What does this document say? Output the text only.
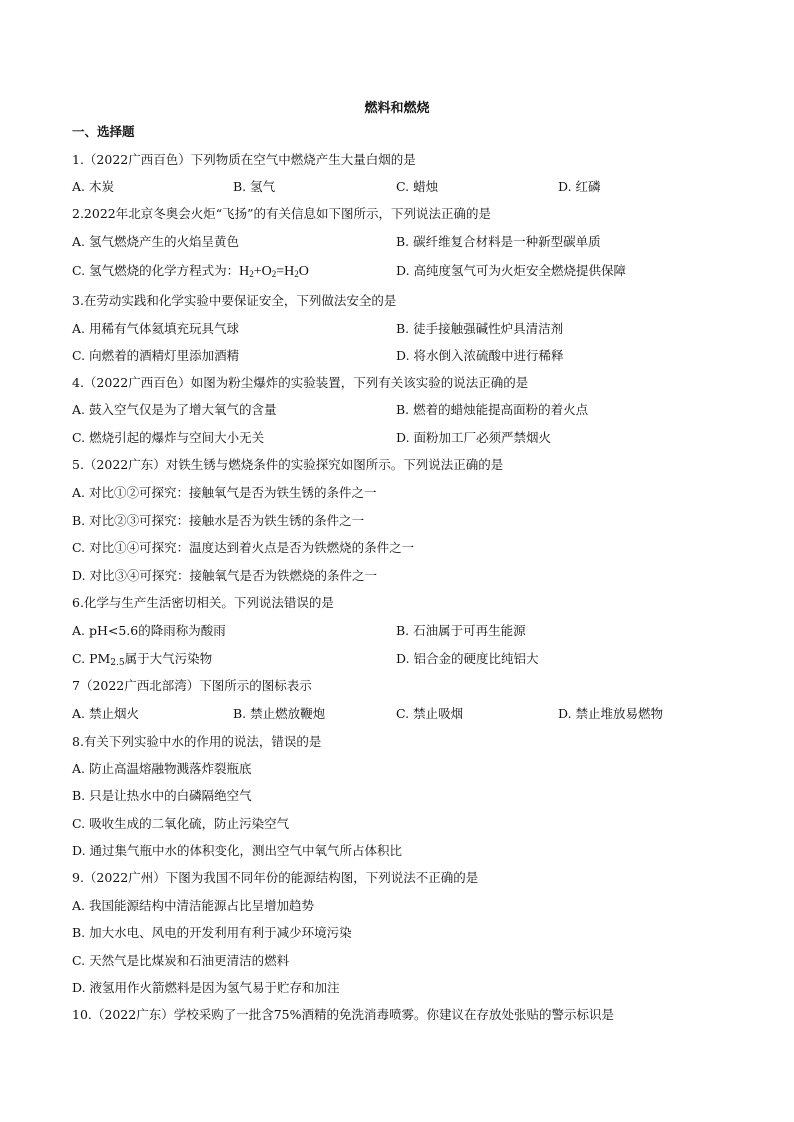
燃料和燃烧
一、选择题
1.（2022广西百色）下列物质在空气中燃烧产生大量白烟的是
A. 木炭	B. 氢气	C. 蜡烛	D. 红磷
2.2022年北京冬奥会火炬“飞扬”的有关信息如下图所示，下列说法正确的是
A. 氢气燃烧产生的火焰呈黄色	B. 碳纤维复合材料是一种新型碳单质
C. 氢气燃烧的化学方程式为：$H_2+O_2=H_2O$	D. 高纯度氢气可为火炬安全燃烧提供保障
3.在劳动实践和化学实验中要保证安全，下列做法安全的是
A. 用稀有气体氦填充玩具气球	B. 徒手接触强碱性炉具清洁剂
C. 向燃着的酒精灯里添加酒精	D. 将水倒入浓硫酸中进行稀释
4.（2022广西百色）如图为粉尘爆炸的实验装置，下列有关该实验的说法正确的是
A. 鼓入空气仅是为了增大氧气的含量	B. 燃着的蜡烛能提高面粉的着火点
C. 燃烧引起的爆炸与空间大小无关	D. 面粉加工厂必须严禁烟火
5.（2022广东）对铁生锈与燃烧条件的实验探究如图所示。下列说法正确的是
A. 对比①②可探究：接触氧气是否为铁生锈的条件之一
B. 对比②③可探究：接触水是否为铁生锈的条件之一
C. 对比①④可探究：温度达到着火点是否为铁燃烧的条件之一
D. 对比③④可探究：接触氧气是否为铁燃烧的条件之一
6.化学与生产生活密切相关。下列说法错误的是
A. pH<5.6的降雨称为酸雨	B. 石油属于可再生能源
C. $PM_{2.5}$属于大气污染物	D. 铝合金的硬度比纯铝大
7（2022广西北部湾）下图所示的图标表示
A. 禁止烟火	B. 禁止燃放鞭炮	C. 禁止吸烟	D. 禁止堆放易燃物
8.有关下列实验中水的作用的说法，错误的是
A. 防止高温熔融物溅落炸裂瓶底
B. 只是让热水中的白磷隔绝空气
C. 吸收生成的二氧化硫，防止污染空气
D. 通过集气瓶中水的体积变化，测出空气中氧气所占体积比
9.（2022广州）下图为我国不同年份的能源结构图，下列说法不正确的是
A. 我国能源结构中清洁能源占比呈增加趋势
B. 加大水电、风电的开发利用有利于减少环境污染
C. 天然气是比煤炭和石油更清洁的燃料
D. 液氢用作火箭燃料是因为氢气易于贮存和加注
10.（2022广东）学校采购了一批含75%酒精的免洗消毒喷雾。你建议在存放处张贴的警示标识是
